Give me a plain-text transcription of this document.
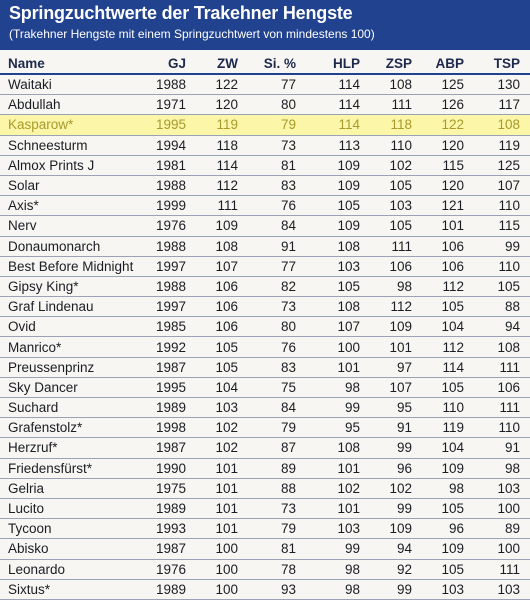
Springzuchtwerte der Trakehner Hengste
(Trakehner Hengste mit einem Springzuchtwert von mindestens 100)
Name	GJ	ZW	Si. %	HLP	ZSP	ABP	TSP
Waitaki	1988	122	77	114	108	125	130
Abdullah	1971	120	80	114	111	126	117
Kasparow*	1995	119	79	114	118	122	108
Schneesturm	1994	118	73	113	110	120	119
Almox Prints J	1981	114	81	109	102	115	125
Solar	1988	112	83	109	105	120	107
Axis*	1999	111	76	105	103	121	110
Nerv	1976	109	84	109	105	101	115
Donaumonarch	1988	108	91	108	111	106	99
Best Before Midnight	1997	107	77	103	106	106	110
Gipsy King*	1988	106	82	105	98	112	105
Graf Lindenau	1997	106	73	108	112	105	88
Ovid	1985	106	80	107	109	104	94
Manrico*	1992	105	76	100	101	112	108
Preussenprinz	1987	105	83	101	97	114	111
Sky Dancer	1995	104	75	98	107	105	106
Suchard	1989	103	84	99	95	110	111
Grafenstolz*	1998	102	79	95	91	119	110
Herzruf*	1987	102	87	108	99	104	91
Friedensfürst*	1990	101	89	101	96	109	98
Gelria	1975	101	88	102	102	98	103
Lucito	1989	101	73	101	99	105	100
Tycoon	1993	101	79	103	109	96	89
Abisko	1987	100	81	99	94	109	100
Leonardo	1976	100	78	98	92	105	111
Sixtus*	1989	100	93	98	99	103	103
